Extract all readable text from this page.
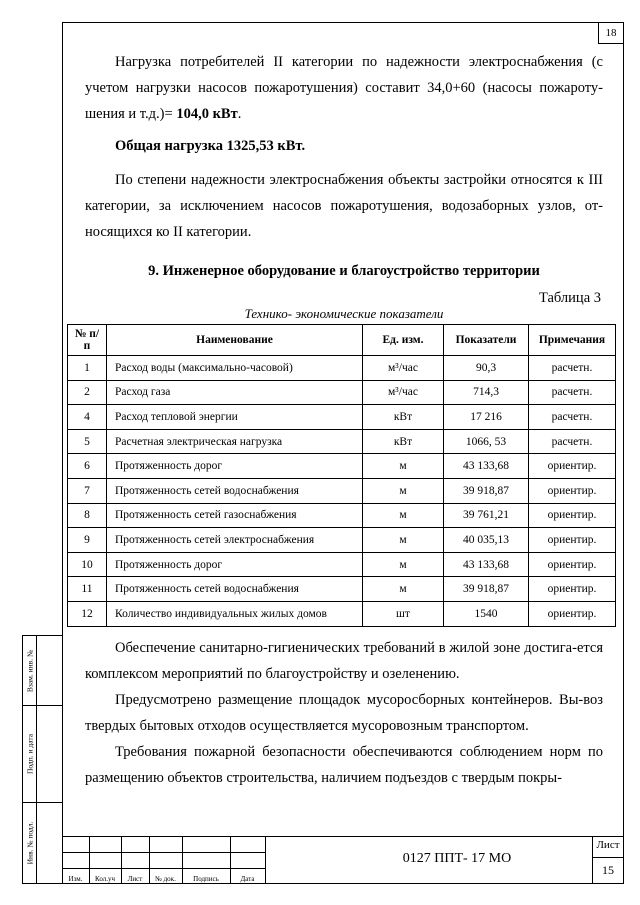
18
Нагрузка потребителей II категории по надежности электроснабжения (с учетом нагрузки насосов пожаротушения) составит 34,0+60 (насосы пожароту-шения и т.д.)= 104,0 кВт.
Общая нагрузка 1325,53 кВт.
По степени надежности электроснабжения объекты застройки относятся к III категории, за исключением насосов пожаротушения, водозаборных узлов, от-носящихся ко II категории.
9. Инженерное оборудование и благоустройство территории
Таблица 3
Технико- экономические показатели
№ п/п	Наименование	Ед. изм.	Показатели	Примечания
1	Расход воды (максимально-часовой)	м³/час	90,3	расчетн.
2	Расход газа	м³/час	714,3	расчетн.
4	Расход тепловой энергии	кВт	17 216	расчетн.
5	Расчетная электрическая нагрузка	кВт	1066, 53	расчетн.
6	Протяженность дорог	м	43 133,68	ориентир.
7	Протяженность сетей водоснабжения	м	39 918,87	ориентир.
8	Протяженность сетей газоснабжения	м	39 761,21	ориентир.
9	Протяженность сетей электроснабжения	м	40 035,13	ориентир.
10	Протяженность дорог	м	43 133,68	ориентир.
11	Протяженность сетей водоснабжения	м	39 918,87	ориентир.
12	Количество индивидуальных жилых домов	шт	1540	ориентир.
Обеспечение санитарно-гигиенических требований в жилой зоне достига-ется комплексом мероприятий по благоустройству и озеленению.
Предусмотрено размещение площадок мусоросборных контейнеров. Вы-воз твердых бытовых отходов осуществляется мусоровозным транспортом.
Требования пожарной безопасности обеспечиваются соблюдением норм по размещению объектов строительства, наличием подъездов с твердым покры-
Взам. инв. №
Подп. и дата
Инв. № подл.
Изм.	Кол.уч	Лист	№ док.	Подпись	Дата
0127 ППТ- 17 МО
Лист
15
